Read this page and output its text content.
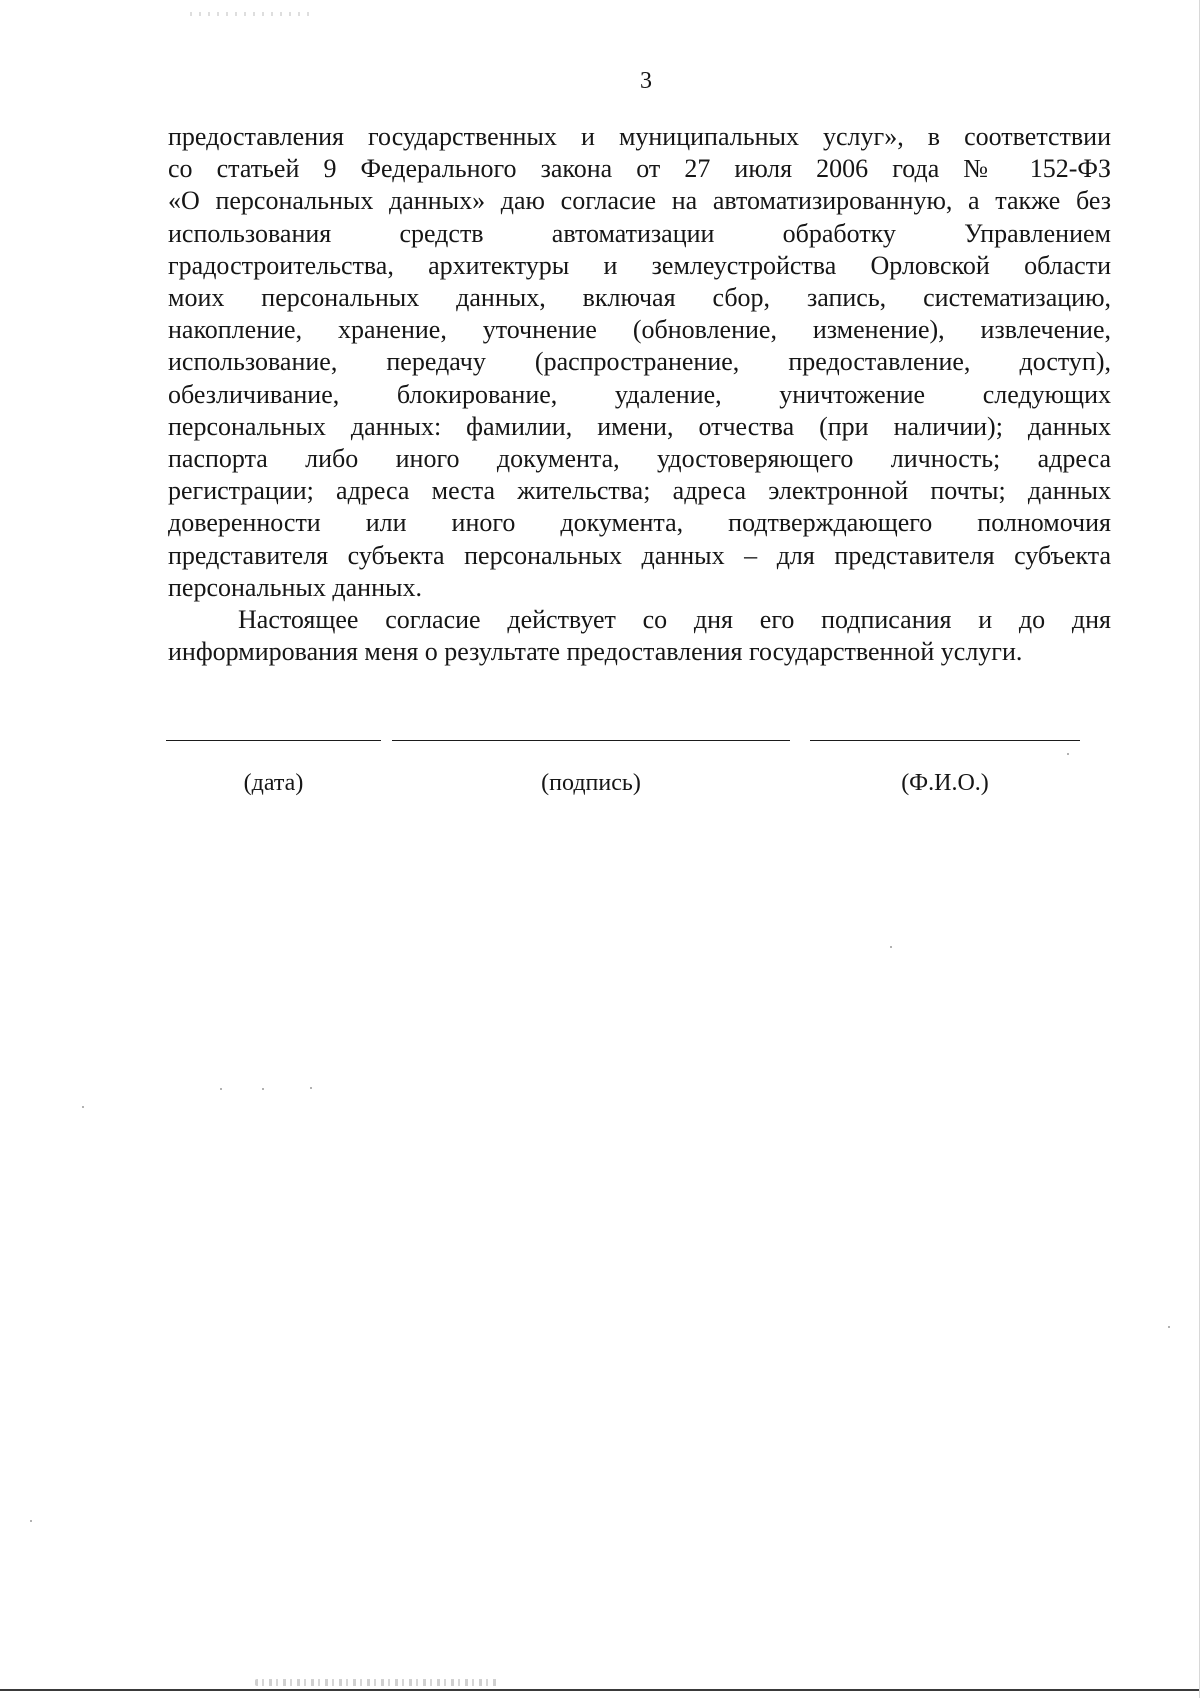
3

предоставления государственных и муниципальных услуг», в соответствии
со статьей 9 Федерального закона от 27 июля 2006 года № 152-ФЗ
«О персональных данных» даю согласие на автоматизированную, а также без
использования средств автоматизации обработку Управлением
градостроительства, архитектуры и землеустройства Орловской области
моих персональных данных, включая сбор, запись, систематизацию,
накопление, хранение, уточнение (обновление, изменение), извлечение,
использование, передачу (распространение, предоставление, доступ),
обезличивание, блокирование, удаление, уничтожение следующих
персональных данных: фамилии, имени, отчества (при наличии); данных
паспорта либо иного документа, удостоверяющего личность; адреса
регистрации; адреса места жительства; адреса электронной почты; данных
доверенности или иного документа, подтверждающего полномочия
представителя субъекта персональных данных – для представителя субъекта
персональных данных.

Настоящее согласие действует со дня его подписания и до дня
информирования меня о результате предоставления государственной услуги.

(дата)	(подпись)	(Ф.И.О.)
